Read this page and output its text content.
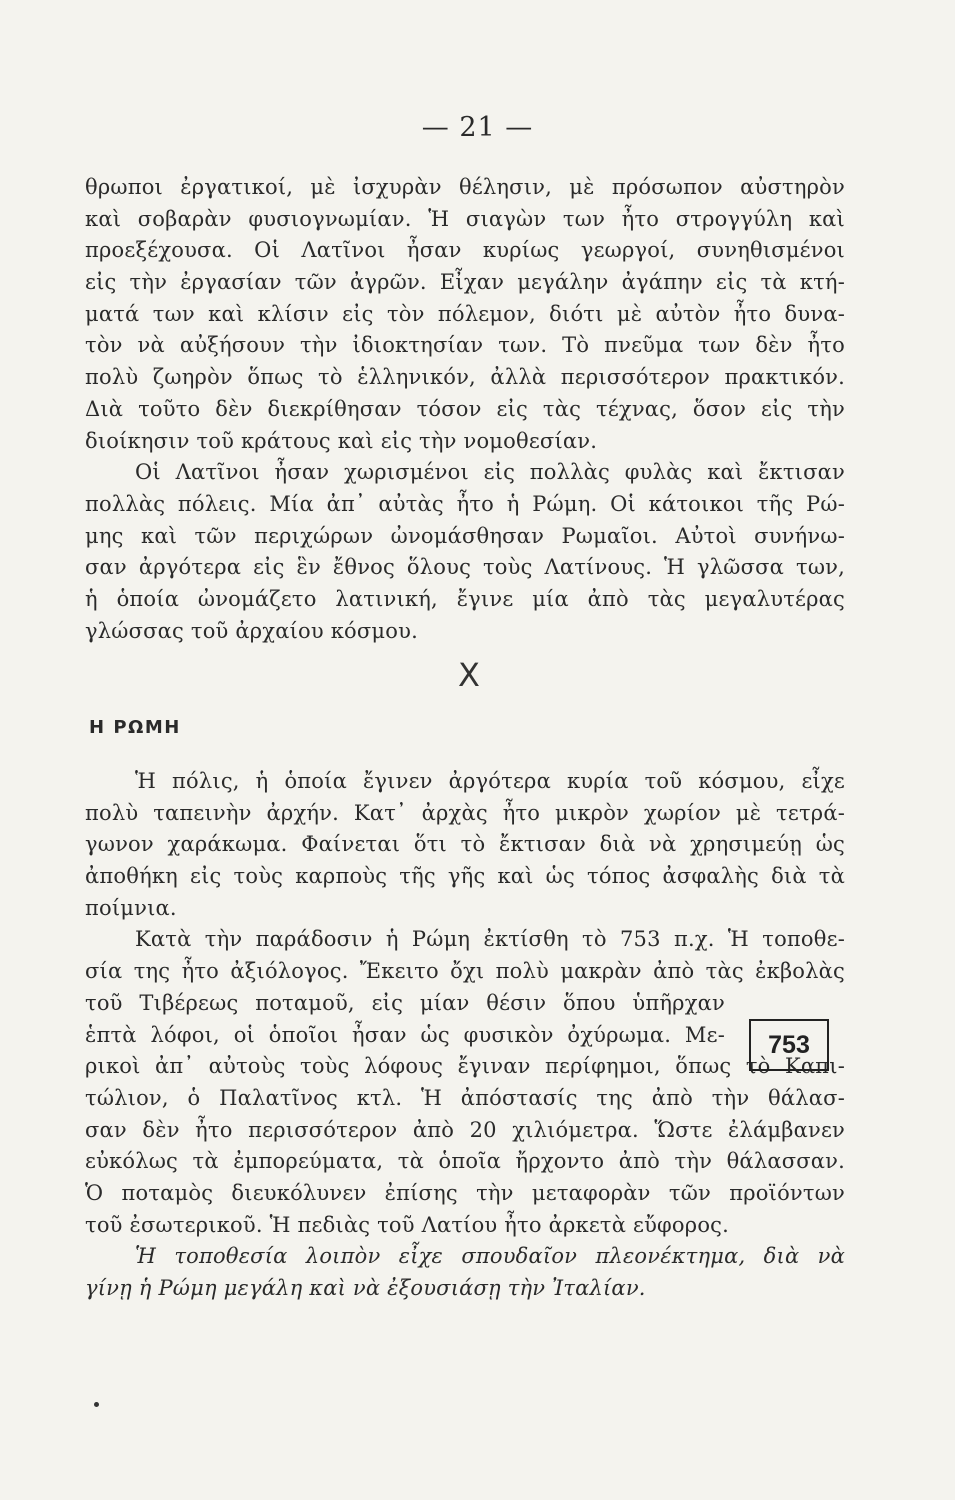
— 21 —
θρωποι ἐργατικοί, μὲ ἰσχυρὰν θέλησιν, μὲ πρόσωπον αὐστηρὸν
καὶ σοβαρὰν φυσιογνωμίαν. Ἡ σιαγὼν των ἦτο στρογγύλη καὶ
προεξέχουσα. Οἱ Λατῖνοι ἦσαν κυρίως γεωργοί, συνηθισμένοι
εἰς τὴν ἐργασίαν τῶν ἀγρῶν. Εἶχαν μεγάλην ἀγάπην εἰς τὰ κτή-
ματά των καὶ κλίσιν εἰς τὸν πόλεμον, διότι μὲ αὐτὸν ἦτο δυνα-
τὸν νὰ αὐξήσουν τὴν ἰδιοκτησίαν των. Τὸ πνεῦμα των δὲν ἦτο
πολὺ ζωηρὸν ὅπως τὸ ἑλληνικόν, ἀλλὰ περισσότερον πρακτικόν.
Διὰ τοῦτο δὲν διεκρίθησαν τόσον εἰς τὰς τέχνας, ὅσον εἰς τὴν
διοίκησιν τοῦ κράτους καὶ εἰς τὴν νομοθεσίαν.
Οἱ Λατῖνοι ἦσαν χωρισμένοι εἰς πολλὰς φυλὰς καὶ ἔκτισαν
πολλὰς πόλεις. Μία ἀπ᾿ αὐτὰς ἦτο ἡ Ρώμη. Οἱ κάτοικοι τῆς Ρώ-
μης καὶ τῶν περιχώρων ὠνομάσθησαν Ρωμαῖοι. Αὐτοὶ συνήνω-
σαν ἀργότερα εἰς ἓν ἔθνος ὅλους τοὺς Λατίνους. Ἡ γλῶσσα των,
ἡ ὁποία ὠνομάζετο λατινική, ἔγινε μία ἀπὸ τὰς μεγαλυτέρας
γλώσσας τοῦ ἀρχαίου κόσμου.
X
Η ΡΩΜΗ
Ἡ πόλις, ἡ ὁποία ἔγινεν ἀργότερα κυρία τοῦ κόσμου, εἶχε
πολὺ ταπεινὴν ἀρχήν. Κατ᾿ ἀρχὰς ἦτο μικρὸν χωρίον μὲ τετρά-
γωνον χαράκωμα. Φαίνεται ὅτι τὸ ἔκτισαν διὰ νὰ χρησιμεύῃ ὡς
ἀποθήκη εἰς τοὺς καρποὺς τῆς γῆς καὶ ὡς τόπος ἀσφαλὴς διὰ τὰ
ποίμνια.
Κατὰ τὴν παράδοσιν ἡ Ρώμη ἐκτίσθη τὸ 753 π.χ. Ἡ τοποθε-
σία της ἦτο ἀξιόλογος. Ἔκειτο ὄχι πολὺ μακρὰν ἀπὸ τὰς ἐκβολὰς
τοῦ Τιβέρεως ποταμοῦ, εἰς μίαν θέσιν ὅπου ὑπῆρχαν
ἑπτὰ λόφοι, οἱ ὁποῖοι ἦσαν ὡς φυσικὸν ὀχύρωμα. Με-
ρικοὶ ἀπ᾿ αὐτοὺς τοὺς λόφους ἔγιναν περίφημοι, ὅπως τὸ Καπι-
τώλιον, ὁ Παλατῖνος κτλ. Ἡ ἀπόστασίς της ἀπὸ τὴν θάλασ-
σαν δὲν ἦτο περισσότερον ἀπὸ 20 χιλιόμετρα. Ὥστε ἐλάμβανεν
εὐκόλως τὰ ἐμπορεύματα, τὰ ὁποῖα ἤρχοντο ἀπὸ τὴν θάλασσαν.
Ὁ ποταμὸς διευκόλυνεν ἐπίσης τὴν μεταφορὰν τῶν προϊόντων
τοῦ ἐσωτερικοῦ. Ἡ πεδιὰς τοῦ Λατίου ἦτο ἀρκετὰ εὔφορος.
Ἡ τοποθεσία λοιπὸν εἶχε σπουδαῖον πλεονέκτημα, διὰ νὰ
γίνῃ ἡ Ρώμη μεγάλη καὶ νὰ ἐξουσιάσῃ τὴν Ἰταλίαν.
753
